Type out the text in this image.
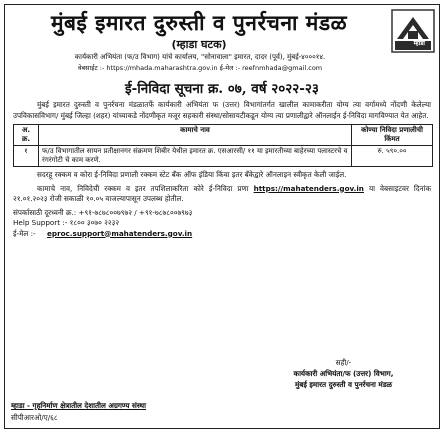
मुंबई इमारत दुरुस्ती व पुनर्रचना मंडळ
(म्हाडा घटक)
कार्यकारी अभियंता (फ/उ विभाग) यांचे कार्यालय, "सोनावाला" इमारत, दादर (पूर्व), मुंबई-४०००१४.
वेबसाईट :- https://mhada.maharashtra.gov.in ई-मेल :- reefnmhada@gmail.com
म्हाडा
ई-निविदा सूचना क्र. ०७, वर्ष २०२२-२३
मुंबई इमारत दुरुस्ती व पुनर्रचना मंडळातर्फे कार्यकारी अभियंता फ (उत्तर) विभागांतर्गत खालील कामाकरीता योग्य त्या वर्गामध्ये नोंदणी केलेल्या उपविकासविभाग/ मुंबई जिल्हा (शहर) यांच्याकडे नोंदणीकृत मजूर सहकारी संस्था/सोसायटीकडून योग्य त्या प्रणालीद्वारे ऑनलाईन ई-निविदा मागविण्यात येत आहेत.
अ. क्र.	कामाचे नाव	कोण्या निविदा प्रणालीची किंमत
१	फ/उ विभागातील सायन प्रतीक्षानगर संक्रमण शिबीर येथील इमारत क्र. एसआरसी/ ११ या इमारतीच्या बाहेरच्या पलास्टरचे व रंगरंगोटी चे काम करणे.	रु. ५९०.००
सदरहू रक्कम व कोरा ई-निविदा प्रणाली रक्कम स्टेट बँक ऑफ इंडिया किंवा इतर बँकेद्वारे ऑनलाइन स्वीकृत केली जाईल.
कामाचे नाव, निविदेची रक्कम व इतर तपशिलाकरिता कोरे ई-निविदा प्रणा https://mahatenders.gov.in या वेबसाइटवर दिनांक २१.०१.२०२३ रोजी सकाळी १०.०५ वाजल्यापासून उपलब्ध होतील.
संपर्कासाठी दूरध्वनी क्र.: +९१-७८७८००७९७२ / +९१-७८७८००७९७३
Help Support :- १८०० ३०७० २२३२
ई-मेल :- eproc.support@mahatenders.gov.in
सही/-
कार्यकारी अभियंता/फ (उत्तर) विभाग,
मुंबई इमारत दुरुस्ती व पुनर्रचना मंडळ
म्हाडा - गृहनिर्माण क्षेत्रातील देशातील अग्रगण्य संस्था
सीपीआरओ/ए/६८
